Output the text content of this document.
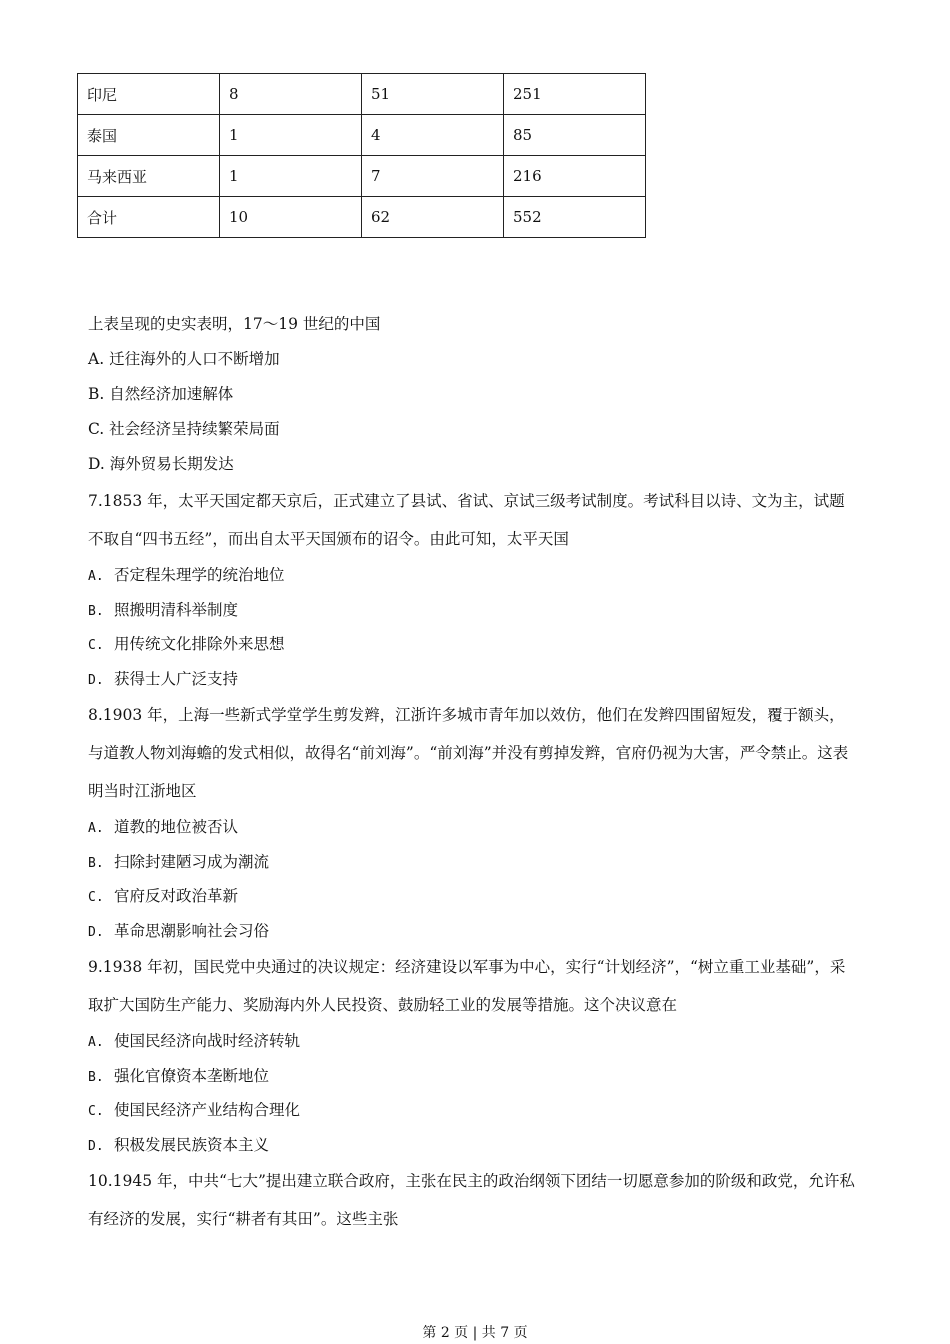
印尼	8	51	251
泰国	1	4	85
马来西亚	1	7	216
合计	10	62	552
上表呈现的史实表明，17～19 世纪的中国
A. 迁往海外的人口不断增加
B. 自然经济加速解体
C. 社会经济呈持续繁荣局面
D. 海外贸易长期发达
7.1853 年，太平天国定都天京后，正式建立了县试、省试、京试三级考试制度。考试科目以诗、文为主，试题不取自“四书五经”，而出自太平天国颁布的诏令。由此可知，太平天国
A. 否定程朱理学的统治地位
B. 照搬明清科举制度
C. 用传统文化排除外来思想
D. 获得士人广泛支持
8.1903 年，上海一些新式学堂学生剪发辫，江浙许多城市青年加以效仿，他们在发辫四围留短发，覆于额头，与道教人物刘海蟾的发式相似，故得名“前刘海”。“前刘海”并没有剪掉发辫，官府仍视为大害，严令禁止。这表明当时江浙地区
A. 道教的地位被否认
B. 扫除封建陋习成为潮流
C. 官府反对政治革新
D. 革命思潮影响社会习俗
9.1938 年初，国民党中央通过的决议规定：经济建设以军事为中心，实行“计划经济”，“树立重工业基础”，采取扩大国防生产能力、奖励海内外人民投资、鼓励轻工业的发展等措施。这个决议意在
A. 使国民经济向战时经济转轨
B. 强化官僚资本垄断地位
C. 使国民经济产业结构合理化
D. 积极发展民族资本主义
10.1945 年，中共“七大”提出建立联合政府，主张在民主的政治纲领下团结一切愿意参加的阶级和政党，允许私有经济的发展，实行“耕者有其田”。这些主张
第 2 页 | 共 7 页
